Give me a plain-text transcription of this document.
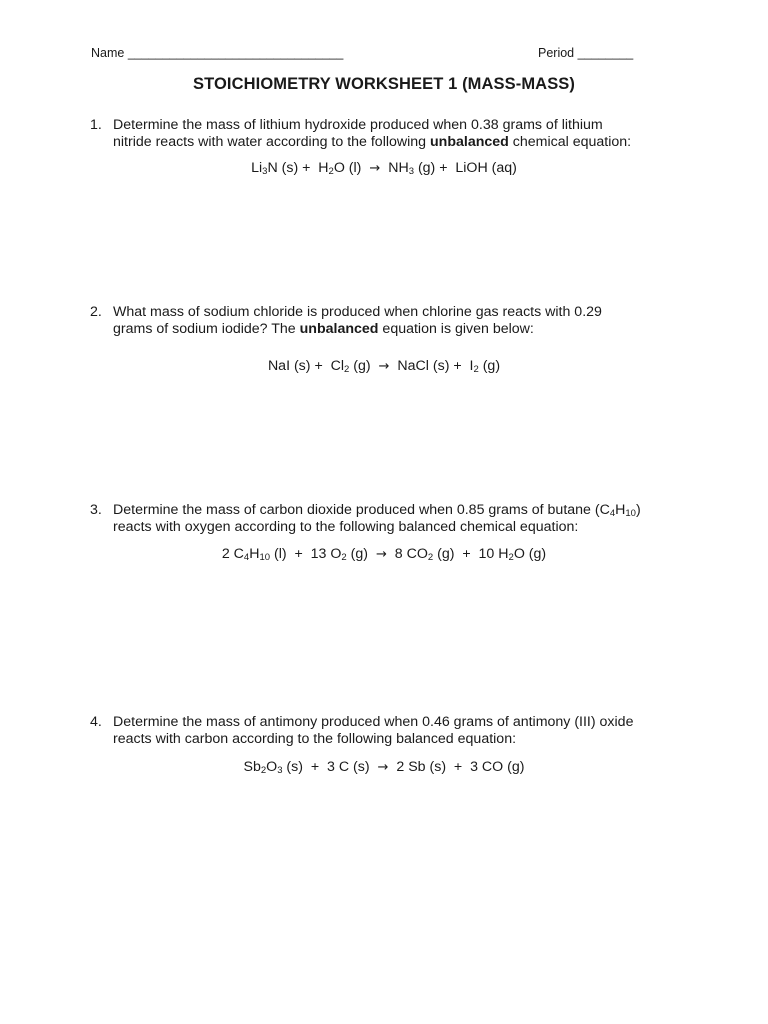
Name _______________________________	Period ________
STOICHIOMETRY WORKSHEET 1 (MASS-MASS)
1. Determine the mass of lithium hydroxide produced when 0.38 grams of lithium
nitride reacts with water according to the following unbalanced chemical equation:
$Li_3N$ $(s) + H_2O$ $(l) \to NH_3$ (g) +  LiOH (aq)
2. What mass of sodium chloride is produced when chlorine gas reacts with 0.29
grams of sodium iodide? The unbalanced equation is given below:
NaI $(s) + Cl_2$ (g) → NaCl $(s) + I_2$ (g)
3. Determine the mass of carbon dioxide produced when 0.85 grams of butane $(C_4H_{10})$
reacts with oxygen according to the following balanced chemical equation:
2 $C_4H_{10}$ (l)  +  13 $O_2$ (g) → 8 $CO_2$ (g)  +  10 $H_2O$ (g)
4. Determine the mass of antimony produced when 0.46 grams of antimony (III) oxide
reacts with carbon according to the following balanced equation:
$Sb_2O_3$ (s)  +  3 C (s) → 2 Sb (s)  +  3 CO (g)
